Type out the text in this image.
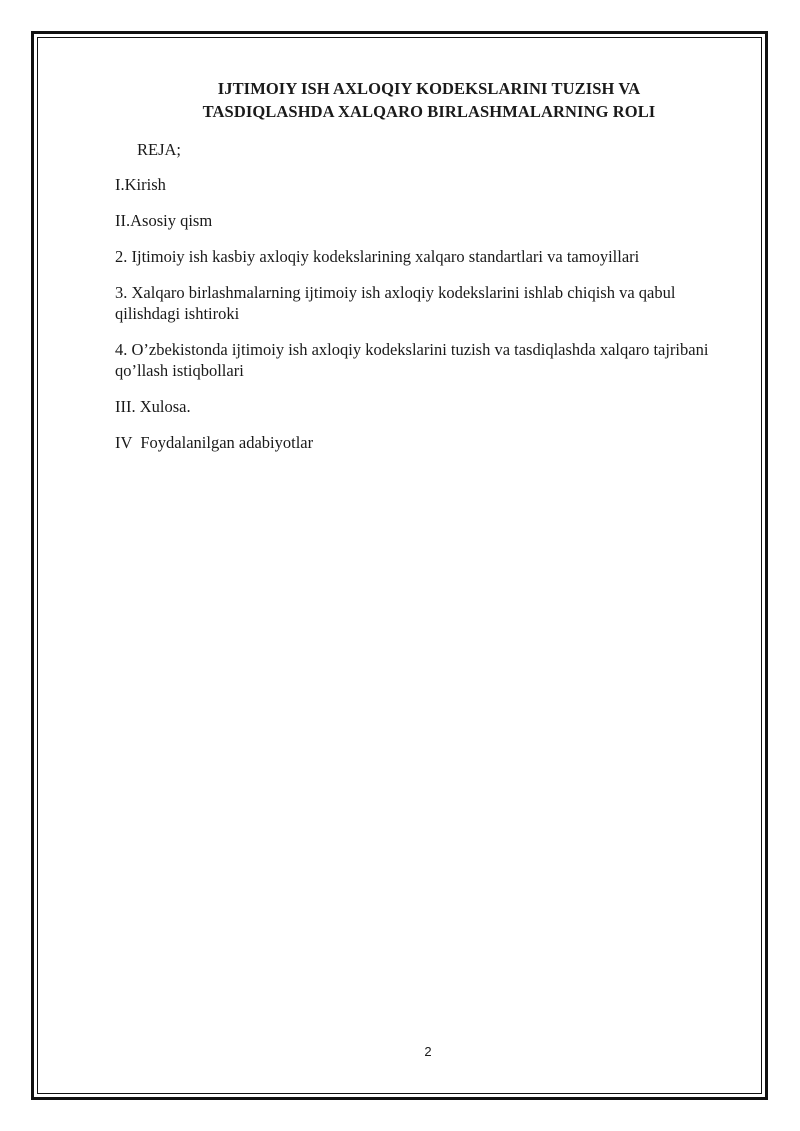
IJTIMOIY ISH AXLOQIY KODEKSLARINI TUZISH VA
TASDIQLASHDA XALQARO BIRLASHMALARNING ROLI
REJA;
I.Kirish
II.Asosiy qism
2. Ijtimoiy ish kasbiy axloqiy kodekslarining xalqaro standartlari va tamoyillari
3. Xalqaro birlashmalarning ijtimoiy ish axloqiy kodekslarini ishlab chiqish va qabul qilishdagi ishtiroki
4. O’zbekistonda ijtimoiy ish axloqiy kodekslarini tuzish va tasdiqlashda xalqaro tajribani qo’llash istiqbollari
III. Xulosa.
IV  Foydalanilgan adabiyotlar
2
